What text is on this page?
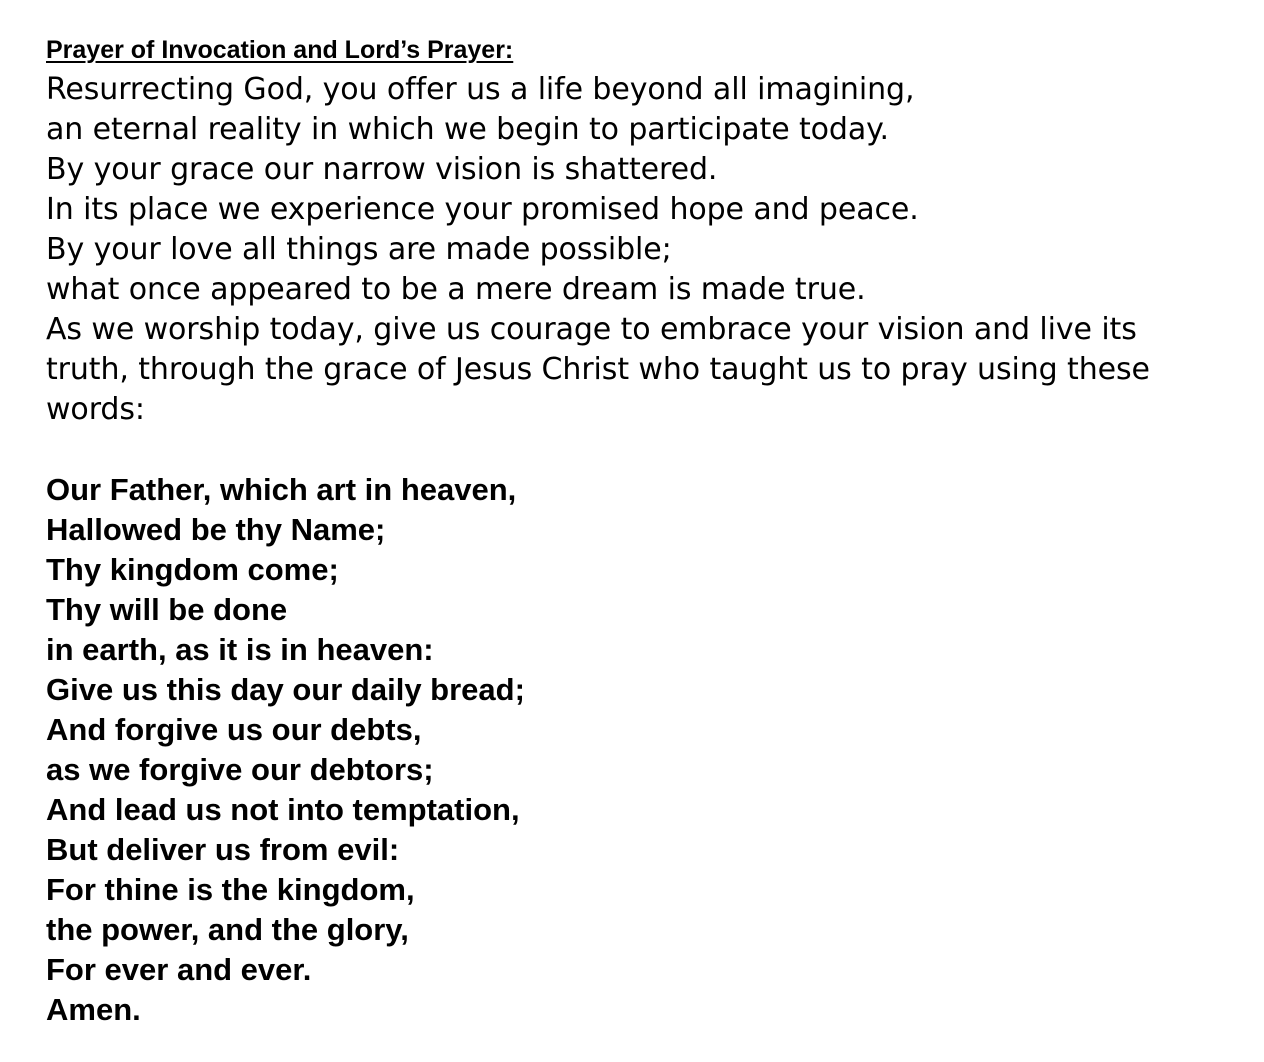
Prayer of Invocation and Lord’s Prayer:
Resurrecting God, you offer us a life beyond all imagining,
an eternal reality in which we begin to participate today.
By your grace our narrow vision is shattered.
In its place we experience your promised hope and peace.
By your love all things are made possible;
what once appeared to be a mere dream is made true.
As we worship today, give us courage to embrace your vision and live its truth, through the grace of Jesus Christ who taught us to pray using these words:
Our Father, which art in heaven,
Hallowed be thy Name;
Thy kingdom come;
Thy will be done
in earth, as it is in heaven:
Give us this day our daily bread;
And forgive us our debts,
as we forgive our debtors;
And lead us not into temptation,
But deliver us from evil:
For thine is the kingdom,
the power, and the glory,
For ever and ever.
Amen.
